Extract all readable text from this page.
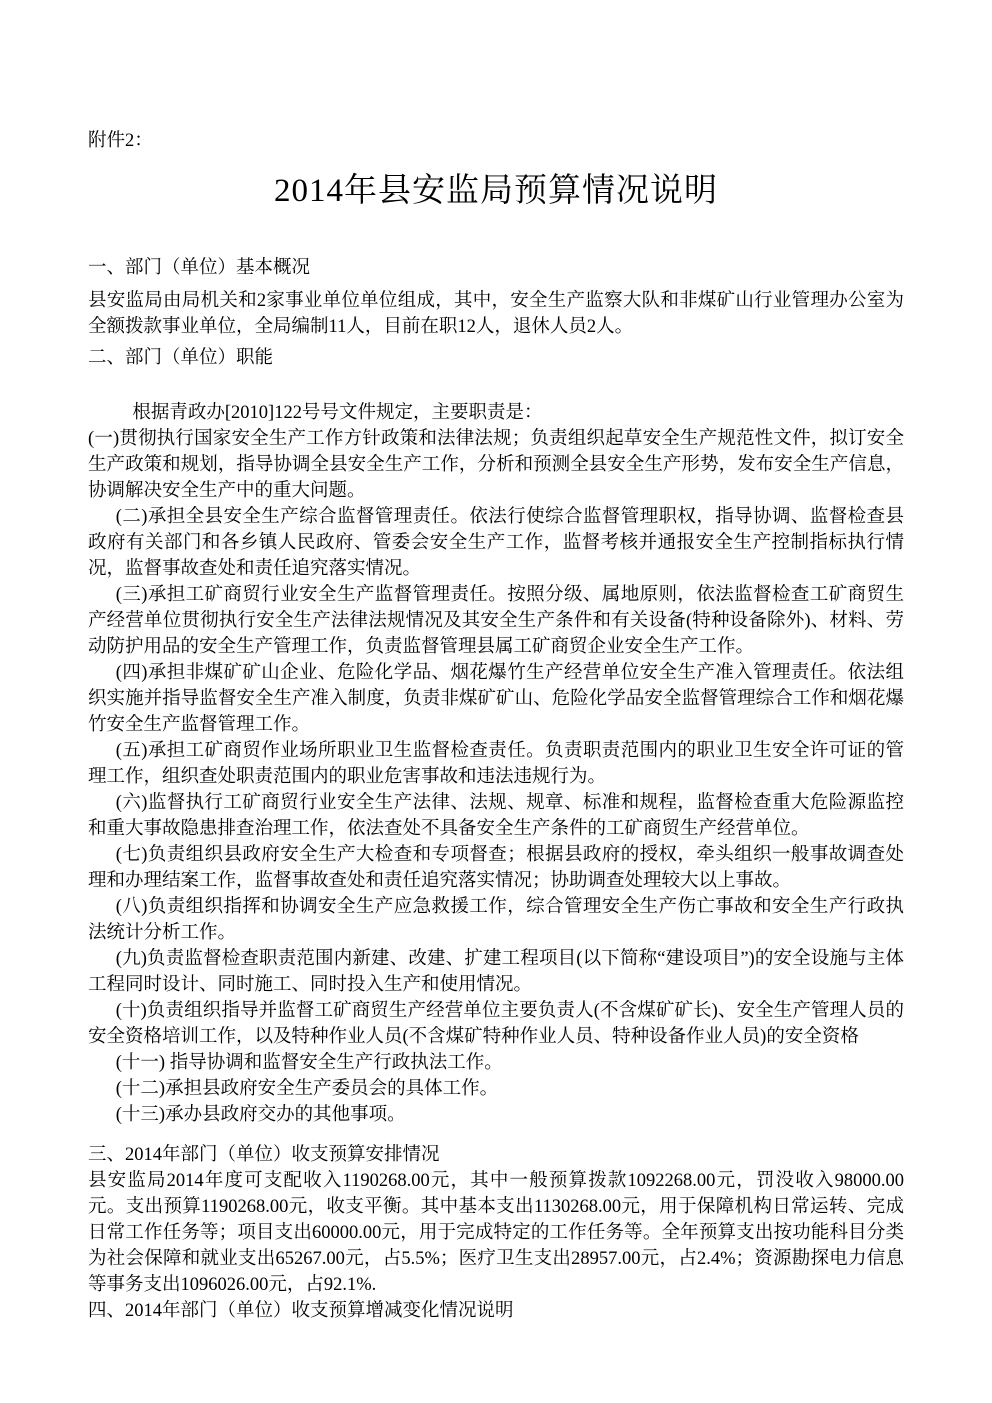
附件2：

2014年县安监局预算情况说明
一、部门（单位）基本概况

县安监局由局机关和2家事业单位单位组成，其中，安全生产监察大队和非煤矿山行业管理办公室为全额拨款事业单位，全局编制11人，目前在职12人，退休人员2人。

二、部门（单位）职能

根据青政办[2010]122号号文件规定，主要职责是：

(一)贯彻执行国家安全生产工作方针政策和法律法规；负责组织起草安全生产规范性文件，拟订安全生产政策和规划，指导协调全县安全生产工作，分析和预测全县安全生产形势，发布安全生产信息，协调解决安全生产中的重大问题。

(二)承担全县安全生产综合监督管理责任。依法行使综合监督管理职权，指导协调、监督检查县政府有关部门和各乡镇人民政府、管委会安全生产工作，监督考核并通报安全生产控制指标执行情况，监督事故查处和责任追究落实情况。

(三)承担工矿商贸行业安全生产监督管理责任。按照分级、属地原则，依法监督检查工矿商贸生产经营单位贯彻执行安全生产法律法规情况及其安全生产条件和有关设备(特种设备除外)、材料、劳动防护用品的安全生产管理工作，负责监督管理县属工矿商贸企业安全生产工作。

(四)承担非煤矿矿山企业、危险化学品、烟花爆竹生产经营单位安全生产准入管理责任。依法组织实施并指导监督安全生产准入制度，负责非煤矿矿山、危险化学品安全监督管理综合工作和烟花爆竹安全生产监督管理工作。

(五)承担工矿商贸作业场所职业卫生监督检查责任。负责职责范围内的职业卫生安全许可证的管理工作，组织查处职责范围内的职业危害事故和违法违规行为。

(六)监督执行工矿商贸行业安全生产法律、法规、规章、标准和规程，监督检查重大危险源监控和重大事故隐患排查治理工作，依法查处不具备安全生产条件的工矿商贸生产经营单位。

(七)负责组织县政府安全生产大检查和专项督查；根据县政府的授权，牵头组织一般事故调查处理和办理结案工作，监督事故查处和责任追究落实情况；协助调查处理较大以上事故。

(八)负责组织指挥和协调安全生产应急救援工作，综合管理安全生产伤亡事故和安全生产行政执法统计分析工作。

(九)负责监督检查职责范围内新建、改建、扩建工程项目(以下简称“建设项目”)的安全设施与主体工程同时设计、同时施工、同时投入生产和使用情况。

(十)负责组织指导并监督工矿商贸生产经营单位主要负责人(不含煤矿矿长)、安全生产管理人员的安全资格培训工作，以及特种作业人员(不含煤矿特种作业人员、特种设备作业人员)的安全资格

(十一) 指导协调和监督安全生产行政执法工作。

(十二)承担县政府安全生产委员会的具体工作。

(十三)承办县政府交办的其他事项。

三、2014年部门（单位）收支预算安排情况

县安监局2014年度可支配收入1190268.00元，其中一般预算拨款1092268.00元，罚没收入98000.00元。支出预算1190268.00元，收支平衡。其中基本支出1130268.00元，用于保障机构日常运转、完成日常工作任务等；项目支出60000.00元，用于完成特定的工作任务等。全年预算支出按功能科目分类为社会保障和就业支出65267.00元，占5.5%；医疗卫生支出28957.00元，占2.4%；资源勘探电力信息等事务支出1096026.00元，占92.1%.

四、2014年部门（单位）收支预算增减变化情况说明
